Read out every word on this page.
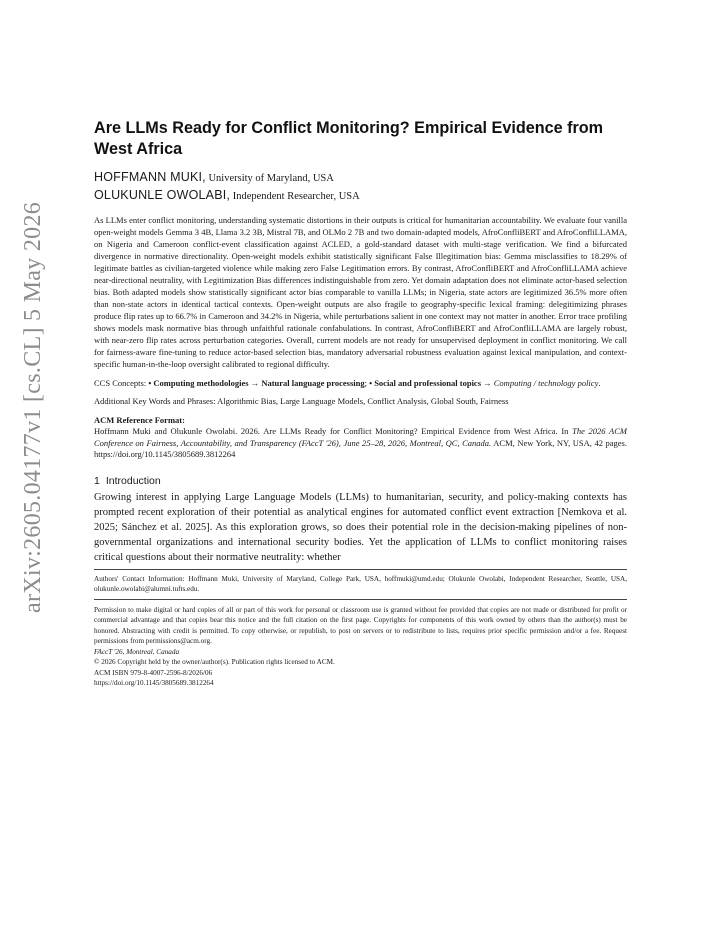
arXiv:2605.04177v1 [cs.CL] 5 May 2026
Are LLMs Ready for Conflict Monitoring? Empirical Evidence from West Africa

HOFFMANN MUKI, University of Maryland, USA

OLUKUNLE OWOLABI, Independent Researcher, USA

As LLMs enter conflict monitoring, understanding systematic distortions in their outputs is critical for humanitarian accountability. We evaluate four vanilla open-weight models Gemma 3 4B, Llama 3.2 3B, Mistral 7B, and OLMo 2 7B and two domain-adapted models, AfroConfliBERT and AfroConfliLLAMA, on Nigeria and Cameroon conflict-event classification against ACLED, a gold-standard dataset with multi-stage verification. We find a bifurcated divergence in normative directionality. Open-weight models exhibit statistically significant False Illegitimation bias: Gemma misclassifies to 18.29% of legitimate battles as civilian-targeted violence while making zero False Legitimation errors. By contrast, AfroConfliBERT and AfroConfliLLAMA achieve near-directional neutrality, with Legitimization Bias differences indistinguishable from zero. Yet domain adaptation does not eliminate actor-based selection bias. Both adapted models show statistically significant actor bias comparable to vanilla LLMs; in Nigeria, state actors are legitimized 36.5% more often than non-state actors in identical tactical contexts. Open-weight outputs are also fragile to geography-specific lexical framing: delegitimizing phrases produce flip rates up to 66.7% in Cameroon and 34.2% in Nigeria, while perturbations salient in one context may not matter in another. Error trace profiling shows models mask normative bias through unfaithful rationale confabulations. In contrast, AfroConfliBERT and AfroConfliLLAMA are largely robust, with near-zero flip rates across perturbation categories. Overall, current models are not ready for unsupervised deployment in conflict monitoring. We call for fairness-aware fine-tuning to reduce actor-based selection bias, mandatory adversarial robustness evaluation against lexical manipulation, and context-specific human-in-the-loop oversight calibrated to regional difficulty.

CCS Concepts: • Computing methodologies → Natural language processing; • Social and professional topics → Computing / technology policy.

Additional Key Words and Phrases: Algorithmic Bias, Large Language Models, Conflict Analysis, Global South, Fairness

ACM Reference Format:

Hoffmann Muki and Olukunle Owolabi. 2026. Are LLMs Ready for Conflict Monitoring? Empirical Evidence from West Africa. In The 2026 ACM Conference on Fairness, Accountability, and Transparency (FAccT '26), June 25–28, 2026, Montreal, QC, Canada. ACM, New York, NY, USA, 42 pages. https://doi.org/10.1145/3805689.3812264

1 Introduction

Growing interest in applying Large Language Models (LLMs) to humanitarian, security, and policy-making contexts has prompted recent exploration of their potential as analytical engines for automated conflict event extraction [Nemkova et al. 2025; Sánchez et al. 2025]. As this exploration grows, so does their potential role in the decision-making pipelines of non-governmental organizations and international security bodies. Yet the application of LLMs to conflict monitoring raises critical questions about their normative neutrality: whether

Authors' Contact Information: Hoffmann Muki, University of Maryland, College Park, USA, hoffmuki@umd.edu; Olukunle Owolabi, Independent Researcher, Seattle, USA, olukunle.owolabi@alumni.tufts.edu.

Permission to make digital or hard copies of all or part of this work for personal or classroom use is granted without fee provided that copies are not made or distributed for profit or commercial advantage and that copies bear this notice and the full citation on the first page. Copyrights for components of this work owned by others than the author(s) must be honored. Abstracting with credit is permitted. To copy otherwise, or republish, to post on servers or to redistribute to lists, requires prior specific permission and/or a fee. Request permissions from permissions@acm.org.

FAccT '26, Montreal, Canada

© 2026 Copyright held by the owner/author(s). Publication rights licensed to ACM.

ACM ISBN 979-8-4007-2596-8/2026/06

https://doi.org/10.1145/3805689.3812264
